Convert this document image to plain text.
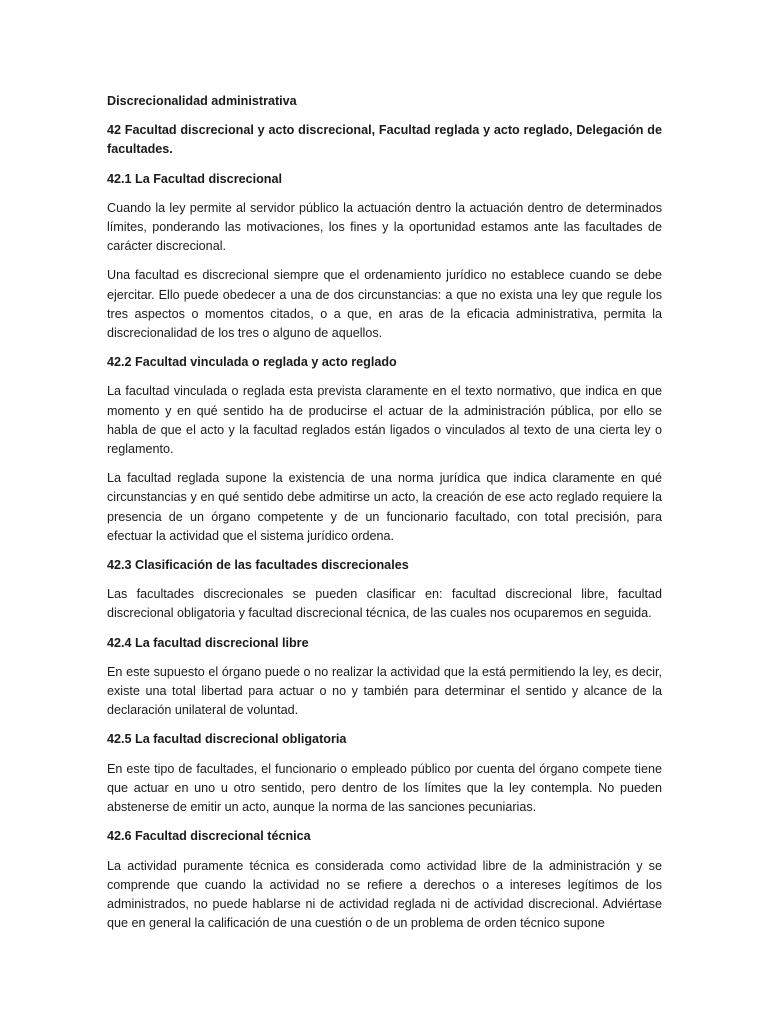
Discrecionalidad administrativa

42 Facultad discrecional y acto discrecional, Facultad reglada y acto reglado, Delegación de facultades.

42.1 La Facultad discrecional

Cuando la ley permite al servidor público la actuación dentro la actuación dentro de determinados límites, ponderando las motivaciones, los fines y la oportunidad estamos ante las facultades de carácter discrecional.

Una facultad es discrecional siempre que el ordenamiento jurídico no establece cuando se debe ejercitar. Ello puede obedecer a una de dos circunstancias: a que no exista una ley que regule los tres aspectos o momentos citados, o a que, en aras de la eficacia administrativa, permita la discrecionalidad de los tres o alguno de aquellos.

42.2 Facultad vinculada o reglada y acto reglado

La facultad vinculada o reglada esta prevista claramente en el texto normativo, que indica en que momento y en qué sentido ha de producirse el actuar de la administración pública, por ello se habla de que el acto y la facultad reglados están ligados o vinculados al texto de una cierta ley o reglamento.

La facultad reglada supone la existencia de una norma jurídica que indica claramente en qué circunstancias y en qué sentido debe admitirse un acto, la creación de ese acto reglado requiere la presencia de un órgano competente y de un funcionario facultado, con total precisión, para efectuar la actividad que el sistema jurídico ordena.

42.3 Clasificación de las facultades discrecionales

Las facultades discrecionales se pueden clasificar en: facultad discrecional libre, facultad discrecional obligatoria y facultad discrecional técnica, de las cuales nos ocuparemos en seguida.

42.4 La facultad discrecional libre

En este supuesto el órgano puede o no realizar la actividad que la está permitiendo la ley, es decir, existe una total libertad para actuar o no y también para determinar el sentido y alcance de la declaración unilateral de voluntad.

42.5 La facultad discrecional obligatoria

En este tipo de facultades, el funcionario o empleado público por cuenta del órgano compete tiene que actuar en uno u otro sentido, pero dentro de los límites que la ley contempla. No pueden abstenerse de emitir un acto, aunque la norma de las sanciones pecuniarias.

42.6 Facultad discrecional técnica

La actividad puramente técnica es considerada como actividad libre de la administración y se comprende que cuando la actividad no se refiere a derechos o a intereses legítimos de los administrados, no puede hablarse ni de actividad reglada ni de actividad discrecional. Adviértase que en general la calificación de una cuestión o de un problema de orden técnico supone
